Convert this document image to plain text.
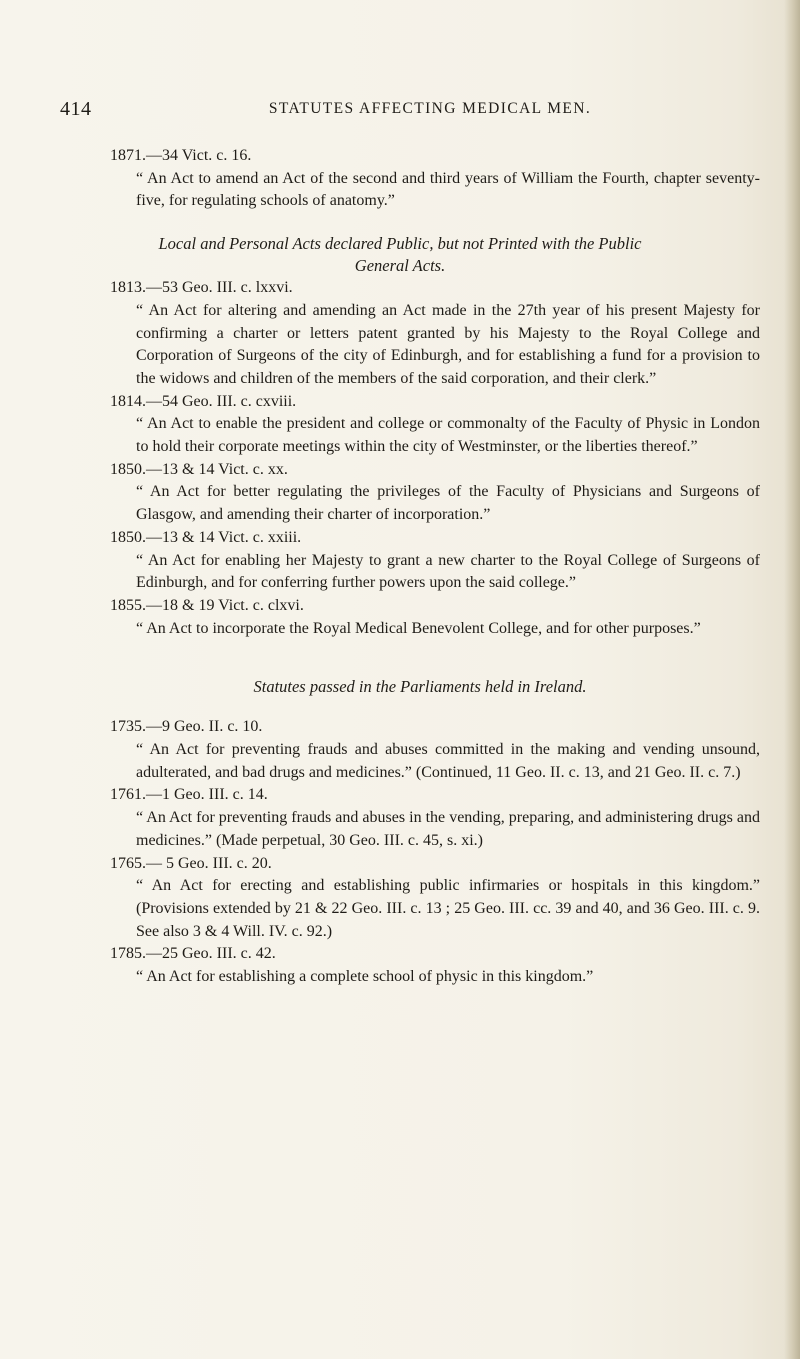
414	STATUTES AFFECTING MEDICAL MEN.

1871.—34 Vict. c. 16.

“ An Act to amend an Act of the second and third years of William the Fourth, chapter seventy-five, for regulating schools of anatomy.”

Local and Personal Acts declared Public, but not Printed with the Public

General Acts.

1813.—53 Geo. III. c. lxxvi.

“ An Act for altering and amending an Act made in the 27th year of his present Majesty for confirming a charter or letters patent granted by his Majesty to the Royal College and Corporation of Surgeons of the city of Edinburgh, and for establishing a fund for a provision to the widows and children of the members of the said corporation, and their clerk.”

1814.—54 Geo. III. c. cxviii.

“ An Act to enable the president and college or commonalty of the Faculty of Physic in London to hold their corporate meetings within the city of Westminster, or the liberties thereof.”

1850.—13 & 14 Vict. c. xx.

“ An Act for better regulating the privileges of the Faculty of Physicians and Surgeons of Glasgow, and amending their charter of incorporation.”

1850.—13 & 14 Vict. c. xxiii.

“ An Act for enabling her Majesty to grant a new charter to the Royal College of Surgeons of Edinburgh, and for conferring further powers upon the said college.”

1855.—18 & 19 Vict. c. clxvi.

“ An Act to incorporate the Royal Medical Benevolent College, and for other purposes.”

Statutes passed in the Parliaments held in Ireland.

1735.—9 Geo. II. c. 10.

“ An Act for preventing frauds and abuses committed in the making and vending unsound, adulterated, and bad drugs and medicines.” (Continued, 11 Geo. II. c. 13, and 21 Geo. II. c. 7.)

1761.—1 Geo. III. c. 14.

“ An Act for preventing frauds and abuses in the vending, preparing, and administering drugs and medicines.” (Made perpetual, 30 Geo. III. c. 45, s. xi.)

1765.— 5 Geo. III. c. 20.

“ An Act for erecting and establishing public infirmaries or hospitals in this kingdom.” (Provisions extended by 21 & 22 Geo. III. c. 13 ; 25 Geo. III. cc. 39 and 40, and 36 Geo. III. c. 9. See also 3 & 4 Will. IV. c. 92.)

1785.—25 Geo. III. c. 42.

“ An Act for establishing a complete school of physic in this kingdom.”
